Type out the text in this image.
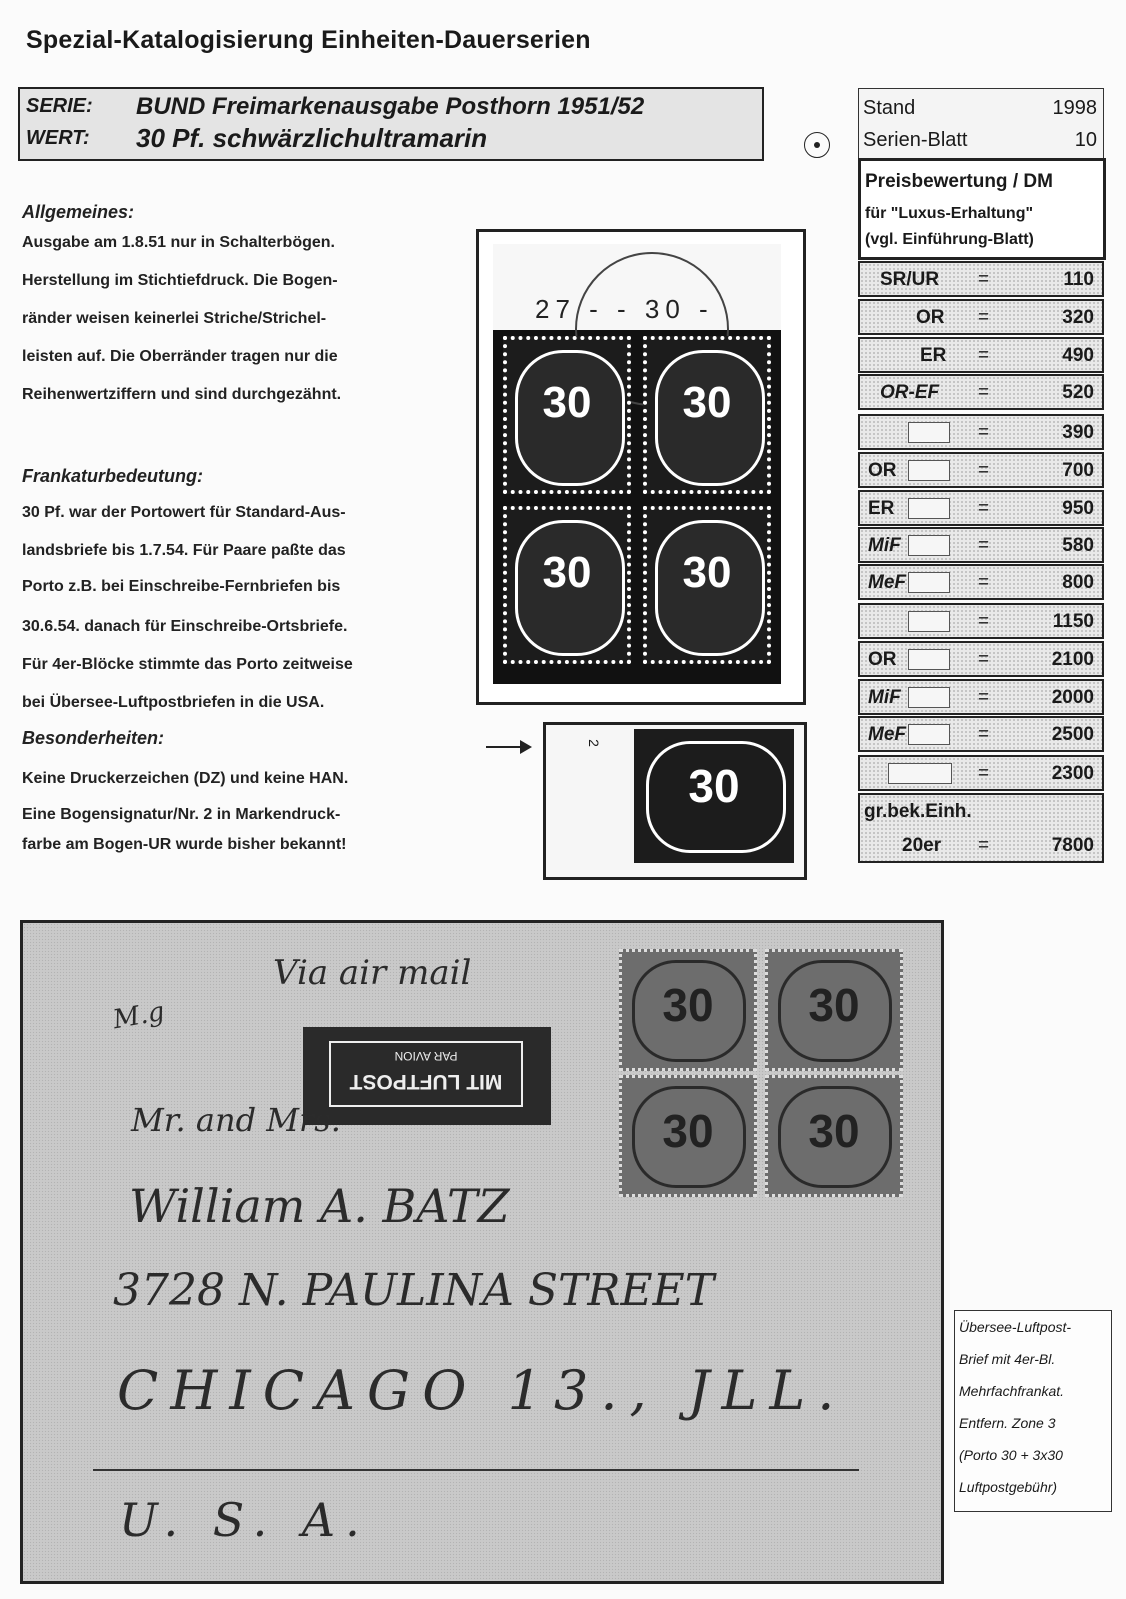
Spezial-Katalogisierung Einheiten-Dauerserien
SERIE: BUND Freimarkenausgabe Posthorn 1951/52
WERT: 30 Pf. schwärzlichultramarin
Stand	1998
Serien-Blatt	10
Preisbewertung / DM
für "Luxus-Erhaltung"
(vgl. Einführung-Blatt)
SR/UR =	110
OR =	320
ER =	490
OR-EF =	520
=	390
OR	=	700
ER	=	950
MiF	=	580
MeF	=	800
=	1150
OR	=	2100
MiF	=	2000
MeF	=	2500
=	2300
gr.bek.Einh.
20er =	7800
Allgemeines:
Ausgabe am 1.8.51 nur in Schalterbögen.
Herstellung im Stichtiefdruck. Die Bogen-
ränder weisen keinerlei Striche/Strichel-
leisten auf. Die Oberränder tragen nur die
Reihenwertziffern und sind durchgezähnt.
Frankaturbedeutung:
30 Pf. war der Portowert für Standard-Aus-
landsbriefe bis 1.7.54. Für Paare paßte das
Porto z.B. bei Einschreibe-Fernbriefen bis
30.6.54. danach für Einschreibe-Ortsbriefe.
Für 4er-Blöcke stimmte das Porto zeitweise
bei Übersee-Luftpostbriefen in die USA.
Besonderheiten:
Keine Druckerzeichen (DZ) und keine HAN.
Eine Bogensignatur/Nr. 2 in Markendruck-
farbe am Bogen-UR wurde bisher bekannt!
27 - - 30 -
30	30
30	30
2
30
Via air mail
M.g
MIT LUFTPOST
PAR AVION
30	30
30	30
Mr. and Mrs.
William A. BATZ
3728 N. PAULINA STREET
CHICAGO 13., JLL.
U. S. A.
Übersee-Luftpost-
Brief mit 4er-Bl.
Mehrfachfrankat.
Entfern. Zone 3
(Porto 30 + 3x30
Luftpostgebühr)
